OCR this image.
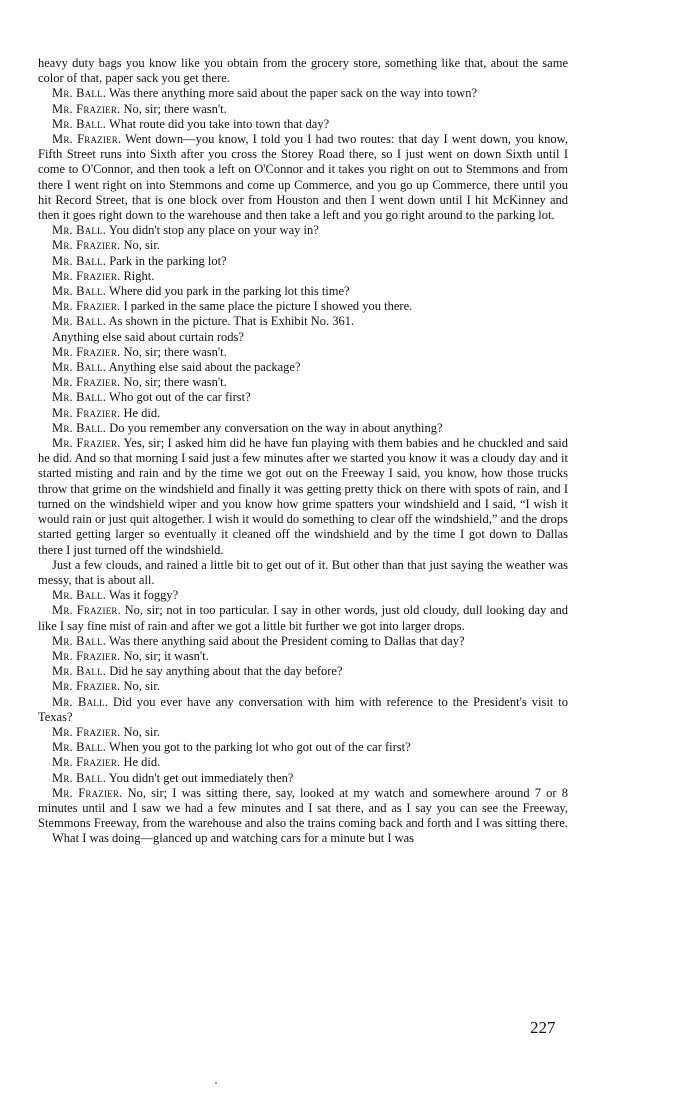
heavy duty bags you know like you obtain from the grocery store, something like that, about the same color of that, paper sack you get there.

Mr. Ball. Was there anything more said about the paper sack on the way into town?

Mr. Frazier. No, sir; there wasn't.

Mr. Ball. What route did you take into town that day?

Mr. Frazier. Went down—you know, I told you I had two routes: that day I went down, you know, Fifth Street runs into Sixth after you cross the Storey Road there, so I just went on down Sixth until I come to O'Connor, and then took a left on O'Connor and it takes you right on out to Stemmons and from there I went right on into Stemmons and come up Commerce, and you go up Commerce, there until you hit Record Street, that is one block over from Houston and then I went down until I hit McKinney and then it goes right down to the warehouse and then take a left and you go right around to the parking lot.

Mr. Ball. You didn't stop any place on your way in?

Mr. Frazier. No, sir.

Mr. Ball. Park in the parking lot?

Mr. Frazier. Right.

Mr. Ball. Where did you park in the parking lot this time?

Mr. Frazier. I parked in the same place the picture I showed you there.

Mr. Ball. As shown in the picture. That is Exhibit No. 361.

Anything else said about curtain rods?

Mr. Frazier. No, sir; there wasn't.

Mr. Ball. Anything else said about the package?

Mr. Frazier. No, sir; there wasn't.

Mr. Ball. Who got out of the car first?

Mr. Frazier. He did.

Mr. Ball. Do you remember any conversation on the way in about anything?

Mr. Frazier. Yes, sir; I asked him did he have fun playing with them babies and he chuckled and said he did. And so that morning I said just a few minutes after we started you know it was a cloudy day and it started misting and rain and by the time we got out on the Freeway I said, you know, how those trucks throw that grime on the windshield and finally it was getting pretty thick on there with spots of rain, and I turned on the windshield wiper and you know how grime spatters your windshield and I said, “I wish it would rain or just quit altogether. I wish it would do something to clear off the windshield,” and the drops started getting larger so eventually it cleaned off the windshield and by the time I got down to Dallas there I just turned off the windshield.

Just a few clouds, and rained a little bit to get out of it. But other than that just saying the weather was messy, that is about all.

Mr. Ball. Was it foggy?

Mr. Frazier. No, sir; not in too particular. I say in other words, just old cloudy, dull looking day and like I say fine mist of rain and after we got a little bit further we got into larger drops.

Mr. Ball. Was there anything said about the President coming to Dallas that day?

Mr. Frazier. No, sir; it wasn't.

Mr. Ball. Did he say anything about that the day before?

Mr. Frazier. No, sir.

Mr. Ball. Did you ever have any conversation with him with reference to the President's visit to Texas?

Mr. Frazier. No, sir.

Mr. Ball. When you got to the parking lot who got out of the car first?

Mr. Frazier. He did.

Mr. Ball. You didn't get out immediately then?

Mr. Frazier. No, sir; I was sitting there, say, looked at my watch and somewhere around 7 or 8 minutes until and I saw we had a few minutes and I sat there, and as I say you can see the Freeway, Stemmons Freeway, from the warehouse and also the trains coming back and forth and I was sitting there.

What I was doing—glanced up and watching cars for a minute but I was

227
